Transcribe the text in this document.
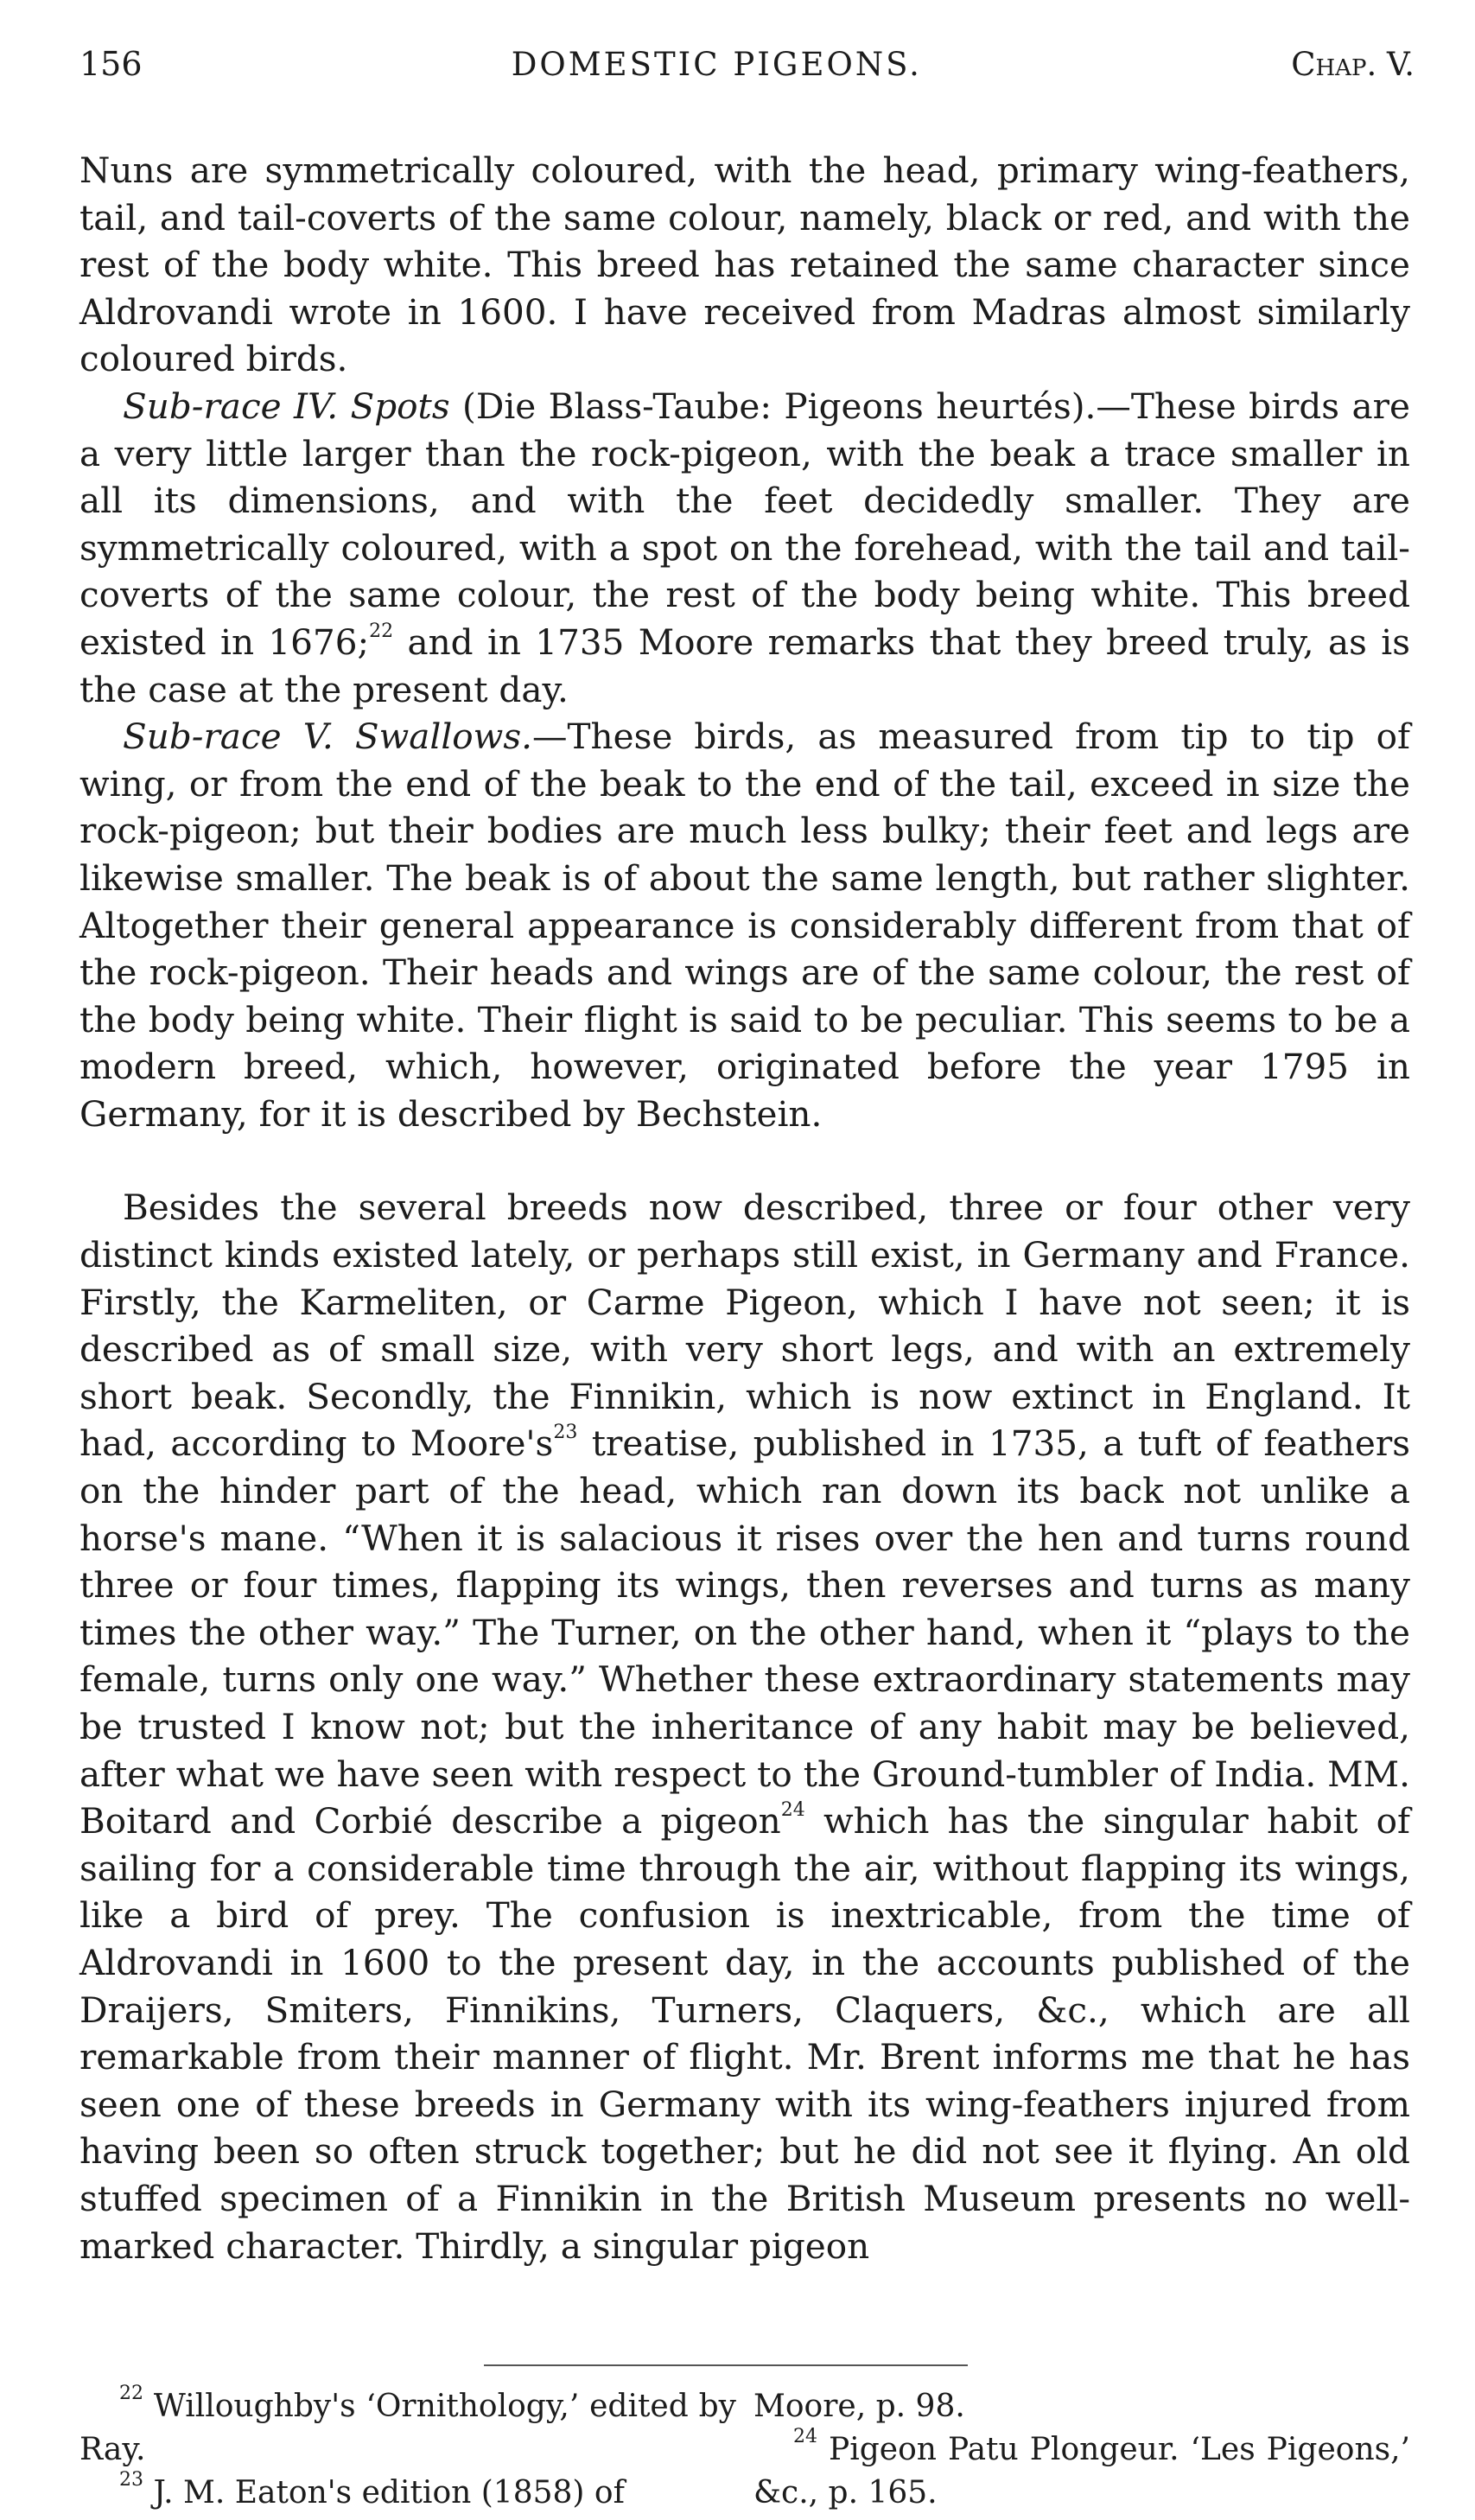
156	DOMESTIC PIGEONS.	Chap. V.

Nuns are symmetrically coloured, with the head, primary wing-feathers, tail, and tail-coverts of the same colour, namely, black or red, and with the rest of the body white. This breed has retained the same character since Aldrovandi wrote in 1600. I have received from Madras almost similarly coloured birds.

Sub-race IV. Spots (Die Blass-Taube: Pigeons heurtés).—These birds are a very little larger than the rock-pigeon, with the beak a trace smaller in all its dimensions, and with the feet decidedly smaller. They are symmetrically coloured, with a spot on the forehead, with the tail and tail-coverts of the same colour, the rest of the body being white. This breed existed in 1676;$^{22}$ and in 1735 Moore remarks that they breed truly, as is the case at the present day.

Sub-race V. Swallows.—These birds, as measured from tip to tip of wing, or from the end of the beak to the end of the tail, exceed in size the rock-pigeon; but their bodies are much less bulky; their feet and legs are likewise smaller. The beak is of about the same length, but rather slighter. Altogether their general appearance is considerably different from that of the rock-pigeon. Their heads and wings are of the same colour, the rest of the body being white. Their flight is said to be peculiar. This seems to be a modern breed, which, however, originated before the year 1795 in Germany, for it is described by Bechstein.

Besides the several breeds now described, three or four other very distinct kinds existed lately, or perhaps still exist, in Germany and France. Firstly, the Karmeliten, or Carme Pigeon, which I have not seen; it is described as of small size, with very short legs, and with an extremely short beak. Secondly, the Finnikin, which is now extinct in England. It had, according to $Moore's^{23}$ treatise, published in 1735, a tuft of feathers on the hinder part of the head, which ran down its back not unlike a horse's mane. “When it is salacious it rises over the hen and turns round three or four times, flapping its wings, then reverses and turns as many times the other way.” The Turner, on the other hand, when it “plays to the female, turns only one way.” Whether these extraordinary statements may be trusted I know not; but the inheritance of any habit may be believed, after what we have seen with respect to the Ground-tumbler of India. MM. Boitard and Corbié describe a pigeon$^{24}$ which has the singular habit of sailing for a considerable time through the air, without flapping its wings, like a bird of prey. The confusion is inextricable, from the time of Aldrovandi in 1600 to the present day, in the accounts published of the Draijers, Smiters, Finnikins, Turners, Claquers, &c., which are all remarkable from their manner of flight. Mr. Brent informs me that he has seen one of these breeds in Germany with its wing-feathers injured from having been so often struck together; but he did not see it flying. An old stuffed specimen of a Finnikin in the British Museum presents no well-marked character. Thirdly, a singular pigeon

$^{22}$ Willoughby's ‘Ornithology,’ edited by Ray.

$^{23}$ J. M. Eaton's edition (1858) of

Moore, p. 98.

$^{24}$ Pigeon Patu Plongeur. ‘Les Pigeons,’ &c., p. 165.
